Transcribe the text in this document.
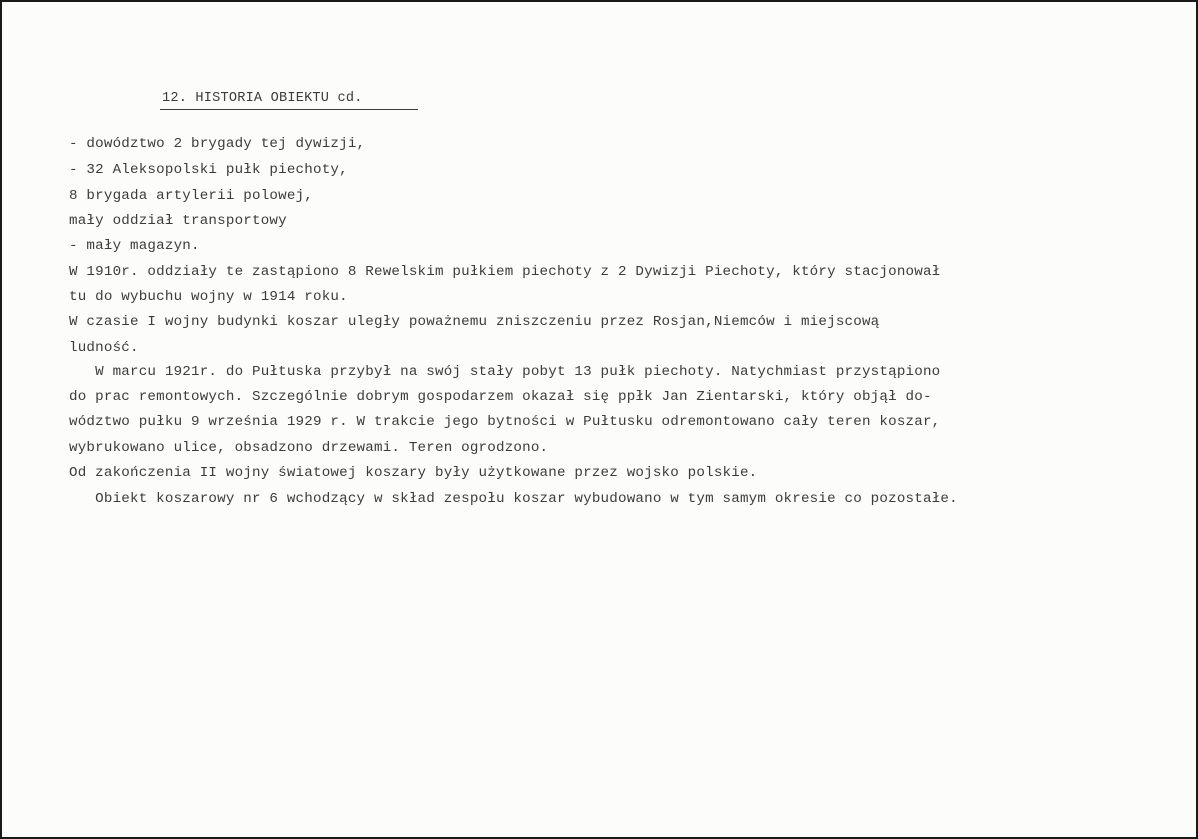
12. HISTORIA OBIEKTU cd.
- dowództwo 2 brygady tej dywizji,
- 32 Aleksopolski pułk piechoty,
8 brygada artylerii polowej,
mały oddział transportowy
- mały magazyn.
W 1910r. oddziały te zastąpiono 8 Rewelskim pułkiem piechoty z 2 Dywizji Piechoty, który stacjonował
tu do wybuchu wojny w 1914 roku.
W czasie I wojny budynki koszar uległy poważnemu zniszczeniu przez Rosjan,Niemców i miejscową
ludność.
W marcu 1921r. do Pułtuska przybył na swój stały pobyt 13 pułk piechoty. Natychmiast przystąpiono
do prac remontowych. Szczególnie dobrym gospodarzem okazał się ppłk Jan Zientarski, który objął do-
wództwo pułku 9 września 1929 r. W trakcie jego bytności w Pułtusku odremontowano cały teren koszar,
wybrukowano ulice, obsadzono drzewami. Teren ogrodzono.
Od zakończenia II wojny światowej koszary były użytkowane przez wojsko polskie.
Obiekt koszarowy nr 6 wchodzący w skład zespołu koszar wybudowano w tym samym okresie co pozostałe.
